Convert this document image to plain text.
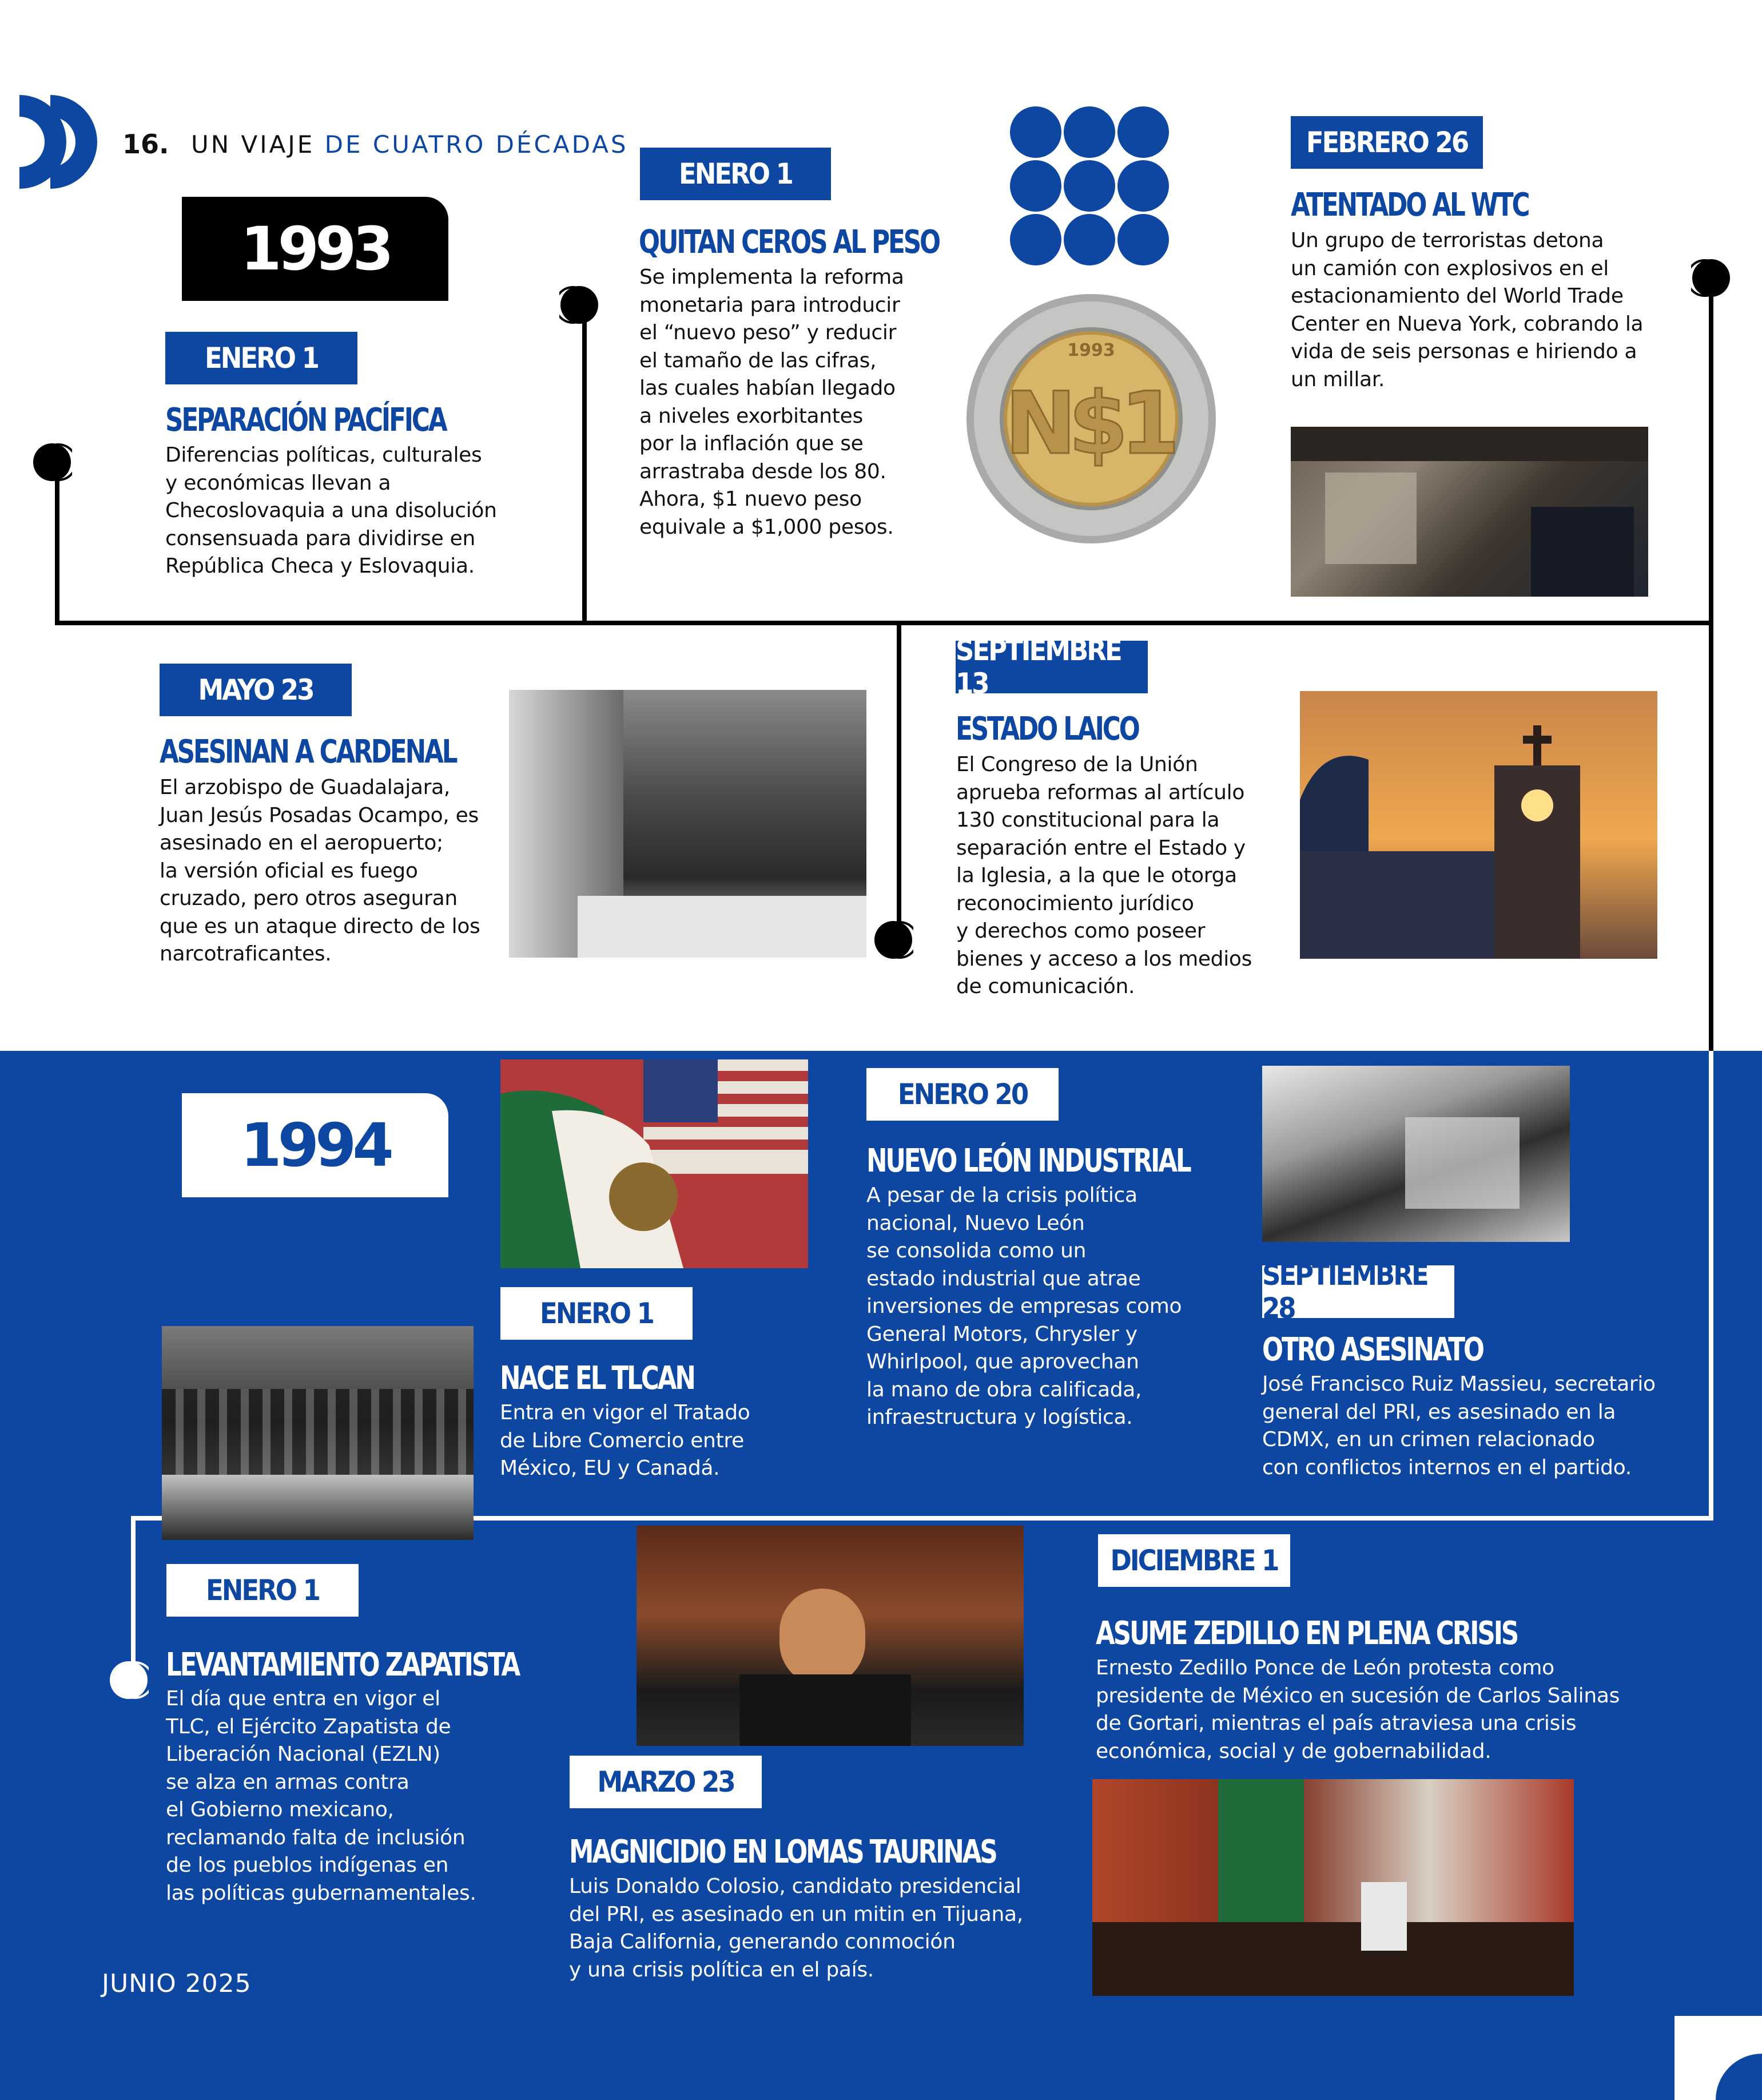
16. UN VIAJE DE CUATRO DÉCADAS
1993
ENERO 1
SEPARACIÓN PACÍFICA
Diferencias políticas, culturales
y económicas llevan a
Checoslovaquia a una disolución
consensuada para dividirse en
República Checa y Eslovaquia.
ENERO 1
QUITAN CEROS AL PESO
Se implementa la reforma
monetaria para introducir
el “nuevo peso” y reducir
el tamaño de las cifras,
las cuales habían llegado
a niveles exorbitantes
por la inflación que se
arrastraba desde los 80.
Ahora, $1 nuevo peso
equivale a $1,000 pesos.
1993
N$1
FEBRERO 26
ATENTADO AL WTC
Un grupo de terroristas detona
un camión con explosivos en el
estacionamiento del World Trade
Center en Nueva York, cobrando la
vida de seis personas e hiriendo a
un millar.
MAYO 23
ASESINAN A CARDENAL
El arzobispo de Guadalajara,
Juan Jesús Posadas Ocampo, es
asesinado en el aeropuerto;
la versión oficial es fuego
cruzado, pero otros aseguran
que es un ataque directo de los
narcotraficantes.
SEPTIEMBRE 13
ESTADO LAICO
El Congreso de la Unión
aprueba reformas al artículo
130 constitucional para la
separación entre el Estado y
la Iglesia, a la que le otorga
reconocimiento jurídico
y derechos como poseer
bienes y acceso a los medios
de comunicación.
1994
ENERO 1
NACE EL TLCAN
Entra en vigor el Tratado
de Libre Comercio entre
México, EU y Canadá.
ENERO 20
NUEVO LEÓN INDUSTRIAL
A pesar de la crisis política
nacional, Nuevo León
se consolida como un
estado industrial que atrae
inversiones de empresas como
General Motors, Chrysler y
Whirlpool, que aprovechan
la mano de obra calificada,
infraestructura y logística.
SEPTIEMBRE 28
OTRO ASESINATO
José Francisco Ruiz Massieu, secretario
general del PRI, es asesinado en la
CDMX, en un crimen relacionado
con conflictos internos en el partido.
ENERO 1
LEVANTAMIENTO ZAPATISTA
El día que entra en vigor el
TLC, el Ejército Zapatista de
Liberación Nacional (EZLN)
se alza en armas contra
el Gobierno mexicano,
reclamando falta de inclusión
de los pueblos indígenas en
las políticas gubernamentales.
MARZO 23
MAGNICIDIO EN LOMAS TAURINAS
Luis Donaldo Colosio, candidato presidencial
del PRI, es asesinado en un mitin en Tijuana,
Baja California, generando conmoción
y una crisis política en el país.
DICIEMBRE 1
ASUME ZEDILLO EN PLENA CRISIS
Ernesto Zedillo Ponce de León protesta como
presidente de México en sucesión de Carlos Salinas
de Gortari, mientras el país atraviesa una crisis
económica, social y de gobernabilidad.
JUNIO 2025
